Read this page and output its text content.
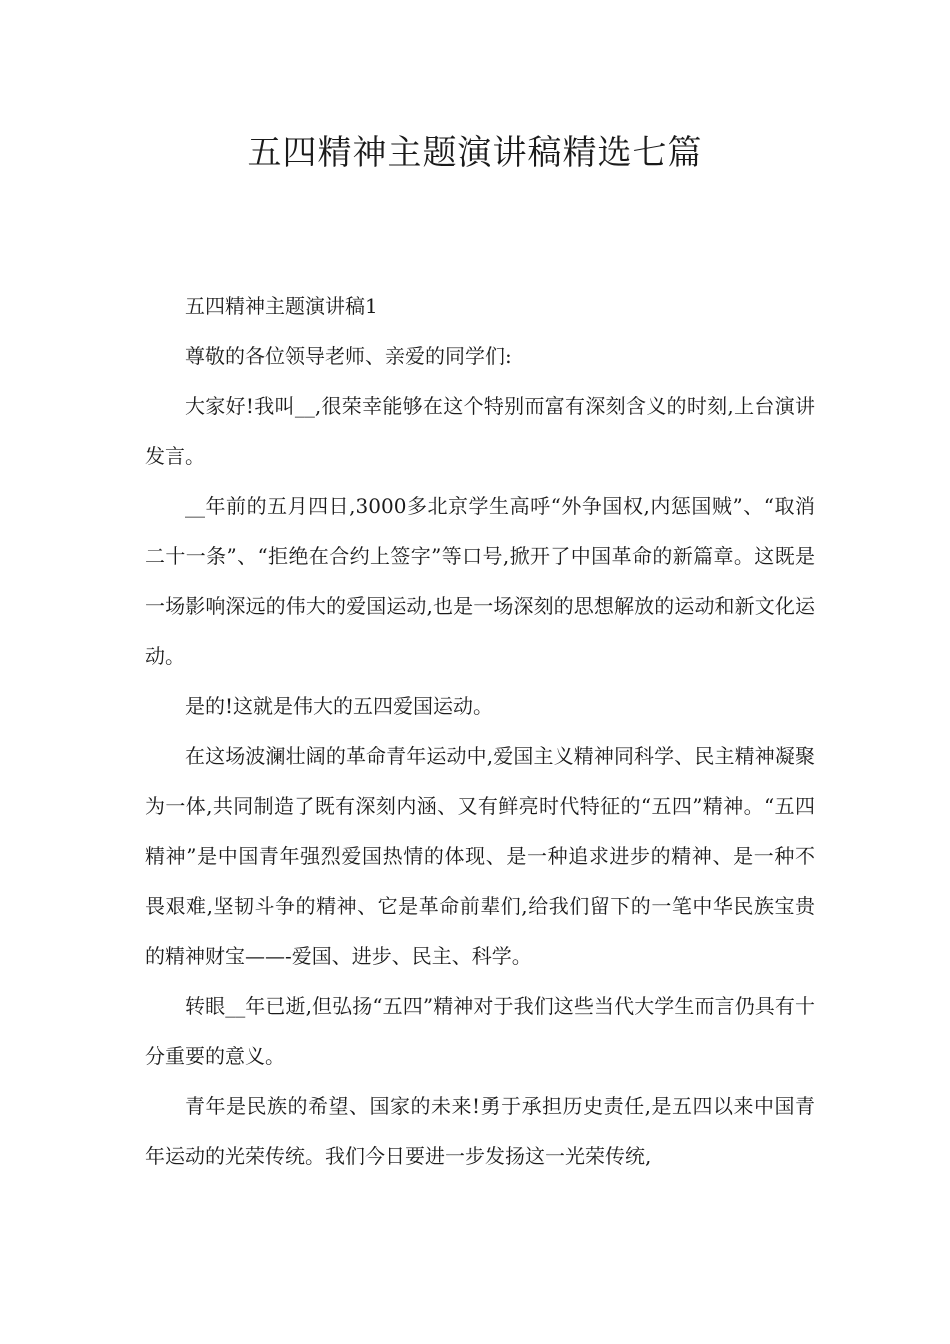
五四精神主题演讲稿精选七篇

五四精神主题演讲稿1

尊敬的各位领导老师、亲爱的同学们:

大家好!我叫__,很荣幸能够在这个特别而富有深刻含义的时刻,上台演讲发言。

__年前的五月四日,3000多北京学生高呼“外争国权,内惩国贼”、“取消二十一条”、“拒绝在合约上签字”等口号,掀开了中国革命的新篇章。这既是一场影响深远的伟大的爱国运动,也是一场深刻的思想解放的运动和新文化运动。

是的!这就是伟大的五四爱国运动。

在这场波澜壮阔的革命青年运动中,爱国主义精神同科学、民主精神凝聚为一体,共同制造了既有深刻内涵、又有鲜亮时代特征的“五四”精神。“五四精神”是中国青年强烈爱国热情的体现、是一种追求进步的精神、是一种不畏艰难,坚韧斗争的精神、它是革命前辈们,给我们留下的一笔中华民族宝贵的精神财宝——-爱国、进步、民主、科学。

转眼__年已逝,但弘扬“五四”精神对于我们这些当代大学生而言仍具有十分重要的意义。

青年是民族的希望、国家的未来!勇于承担历史责任,是五四以来中国青年运动的光荣传统。我们今日要进一步发扬这一光荣传统,
